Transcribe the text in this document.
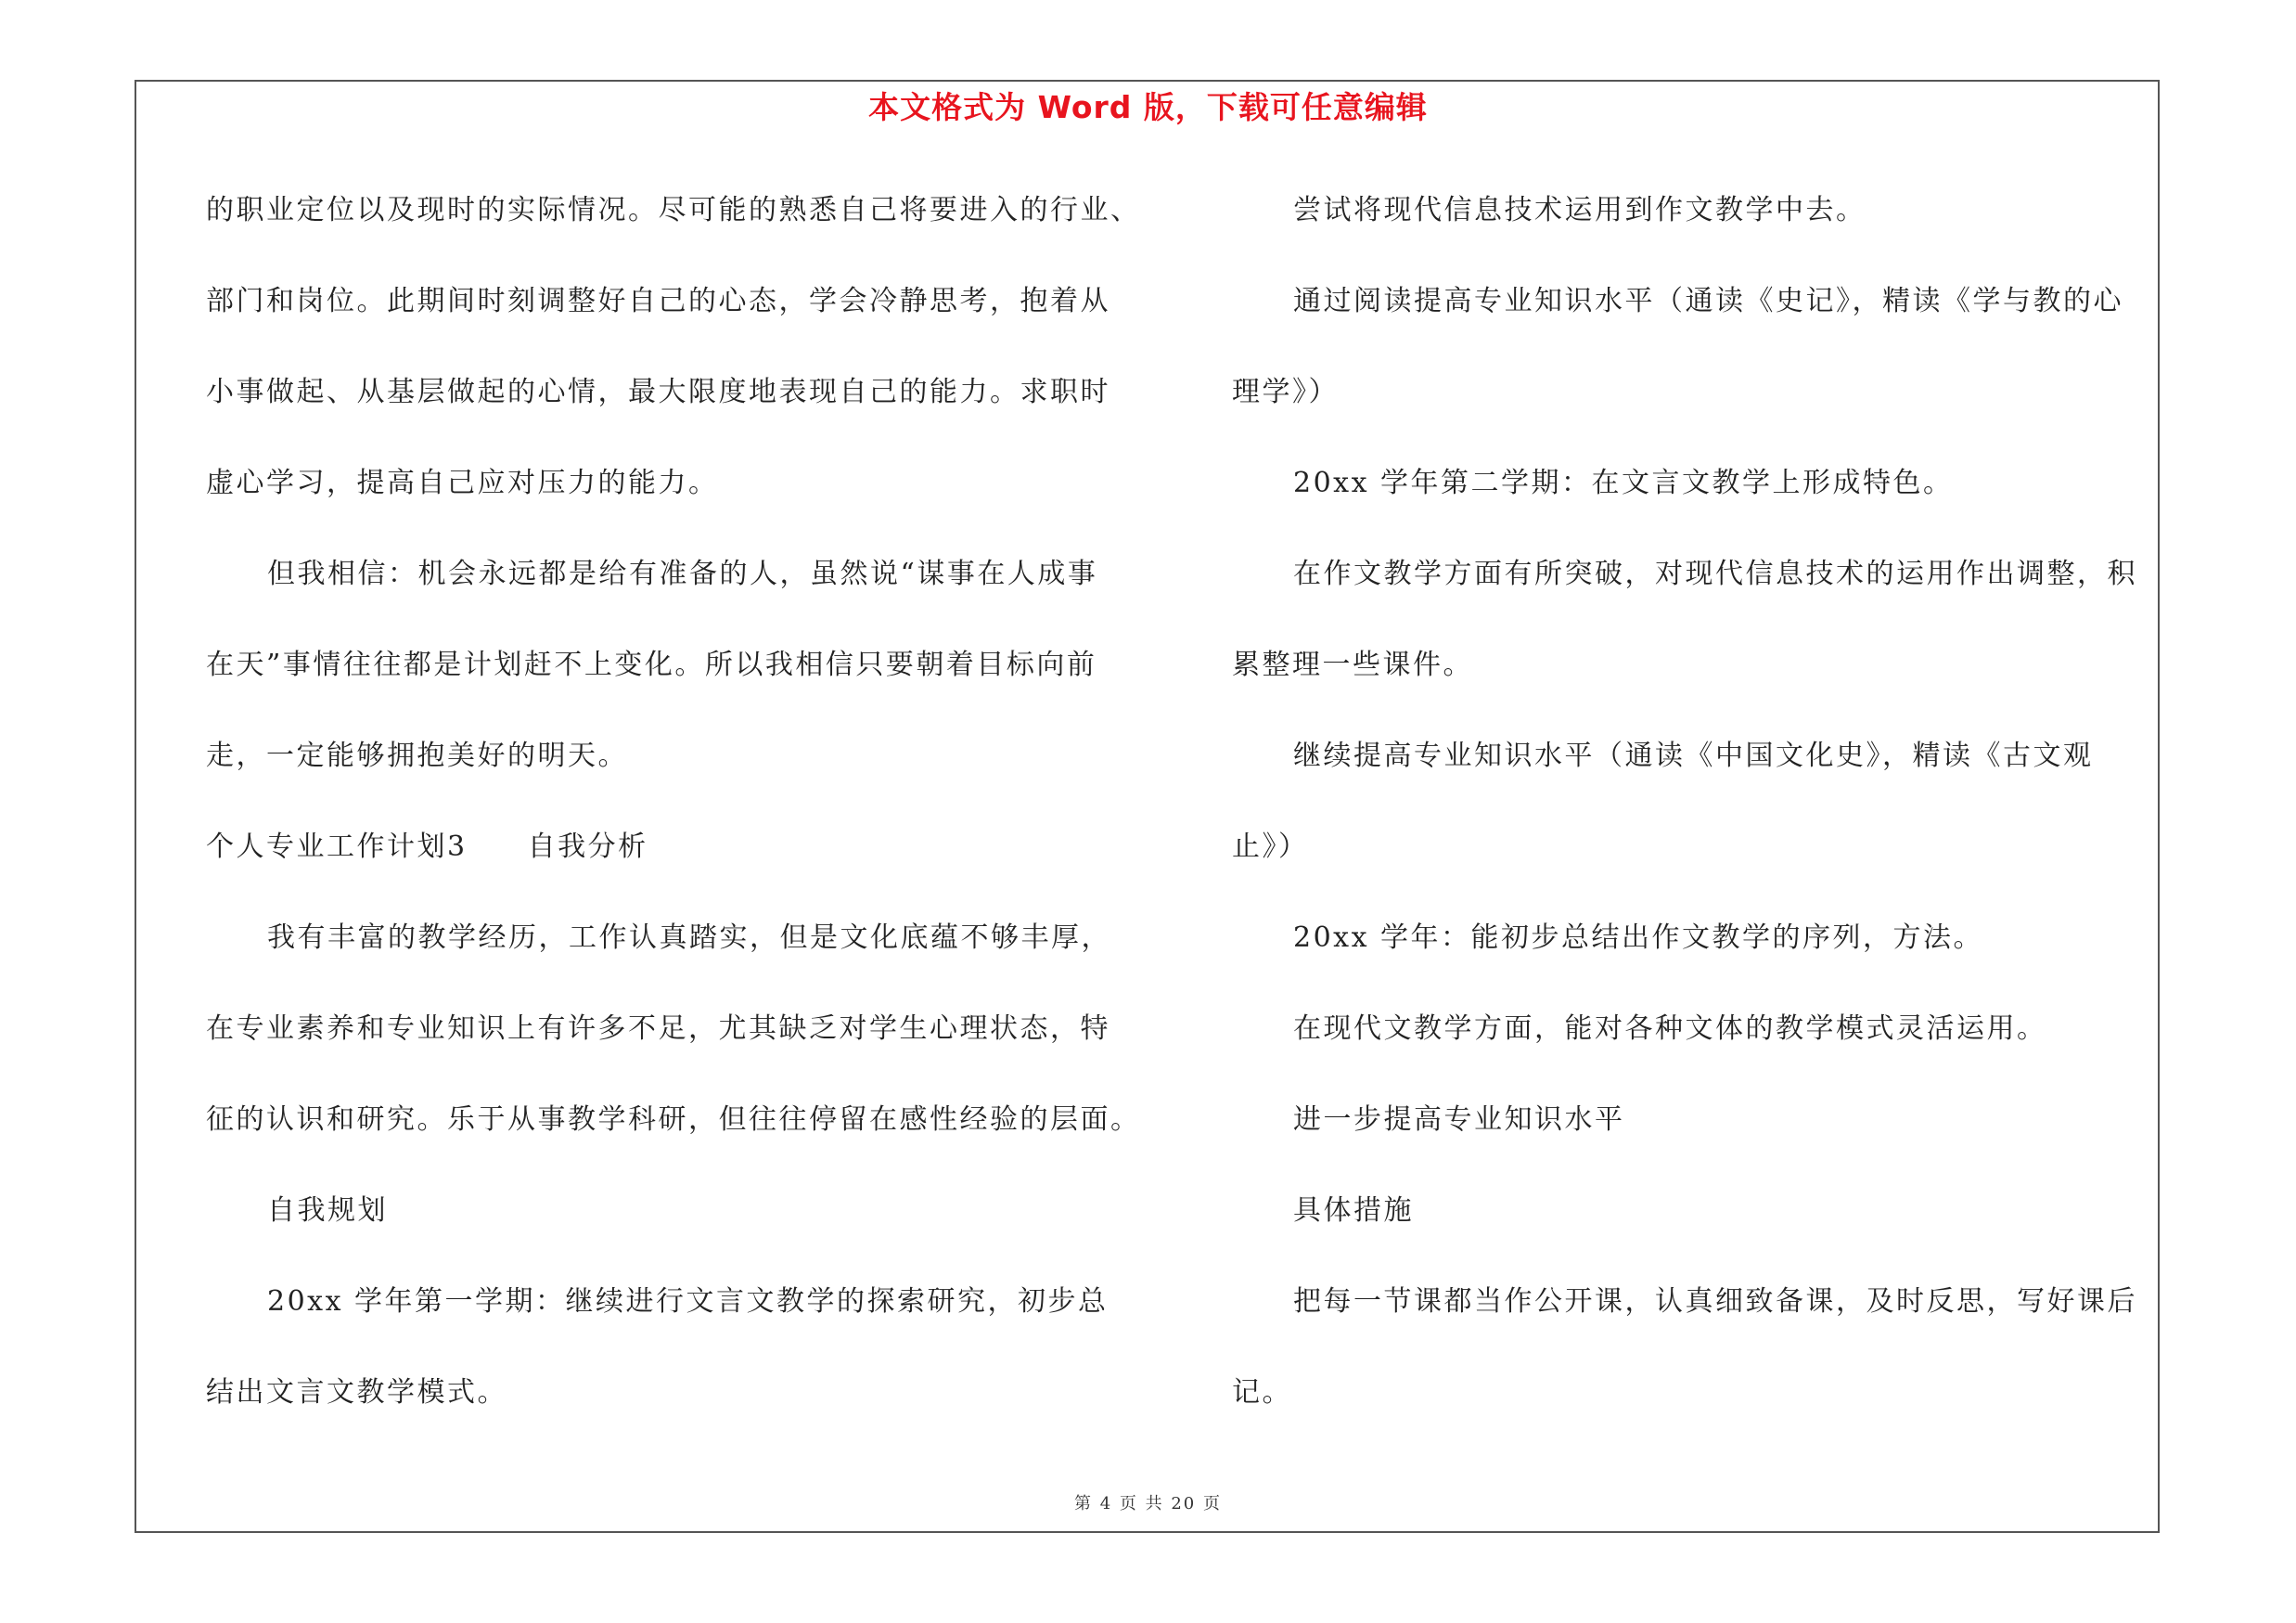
本文格式为 Word 版，下载可任意编辑
的职业定位以及现时的实际情况。尽可能的熟悉自己将要进入的行业、
部门和岗位。此期间时刻调整好自己的心态，学会冷静思考，抱着从
小事做起、从基层做起的心情，最大限度地表现自己的能力。求职时
虚心学习，提高自己应对压力的能力。
但我相信：机会永远都是给有准备的人，虽然说“谋事在人成事
在天”事情往往都是计划赶不上变化。所以我相信只要朝着目标向前
走，一定能够拥抱美好的明天。
个人专业工作计划3　　自我分析
我有丰富的教学经历，工作认真踏实，但是文化底蕴不够丰厚，
在专业素养和专业知识上有许多不足，尤其缺乏对学生心理状态，特
征的认识和研究。乐于从事教学科研，但往往停留在感性经验的层面。
自我规划
20xx 学年第一学期：继续进行文言文教学的探索研究，初步总
结出文言文教学模式。
尝试将现代信息技术运用到作文教学中去。
通过阅读提高专业知识水平（通读《史记》，精读《学与教的心
理学》）
20xx 学年第二学期：在文言文教学上形成特色。
在作文教学方面有所突破，对现代信息技术的运用作出调整，积
累整理一些课件。
继续提高专业知识水平（通读《中国文化史》，精读《古文观
止》）
20xx 学年：能初步总结出作文教学的序列，方法。
在现代文教学方面，能对各种文体的教学模式灵活运用。
进一步提高专业知识水平
具体措施
把每一节课都当作公开课，认真细致备课，及时反思，写好课后
记。
第 4 页 共 20 页
